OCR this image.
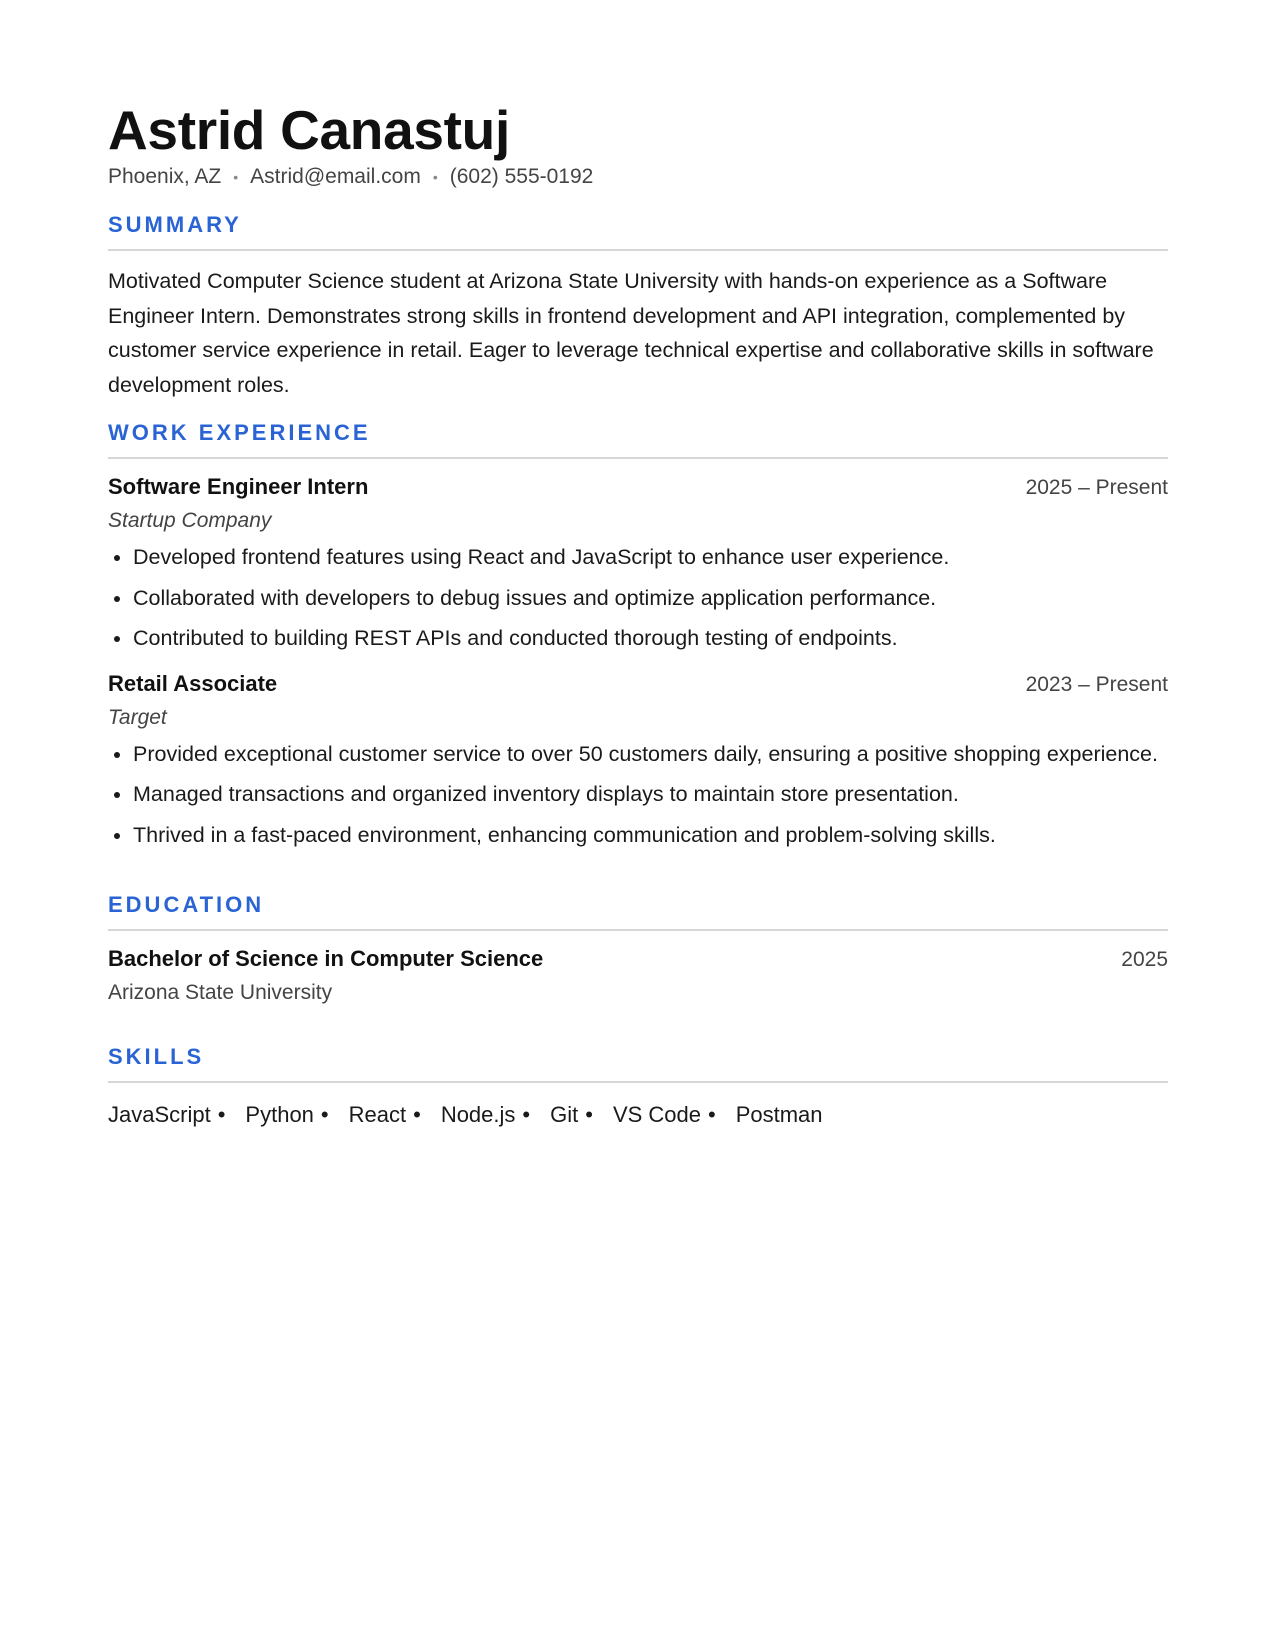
Astrid Canastuj
Phoenix, AZ • Astrid@email.com • (602) 555-0192
SUMMARY
Motivated Computer Science student at Arizona State University with hands-on experience as a Software Engineer Intern. Demonstrates strong skills in frontend development and API integration, complemented by customer service experience in retail. Eager to leverage technical expertise and collaborative skills in software development roles.
WORK EXPERIENCE
Software Engineer Intern	2025 – Present
Startup Company
Developed frontend features using React and JavaScript to enhance user experience.
Collaborated with developers to debug issues and optimize application performance.
Contributed to building REST APIs and conducted thorough testing of endpoints.
Retail Associate	2023 – Present
Target
Provided exceptional customer service to over 50 customers daily, ensuring a positive shopping experience.
Managed transactions and organized inventory displays to maintain store presentation.
Thrived in a fast-paced environment, enhancing communication and problem-solving skills.
EDUCATION
Bachelor of Science in Computer Science	2025
Arizona State University
SKILLS
JavaScript • Python • React • Node.js • Git • VS Code • Postman
